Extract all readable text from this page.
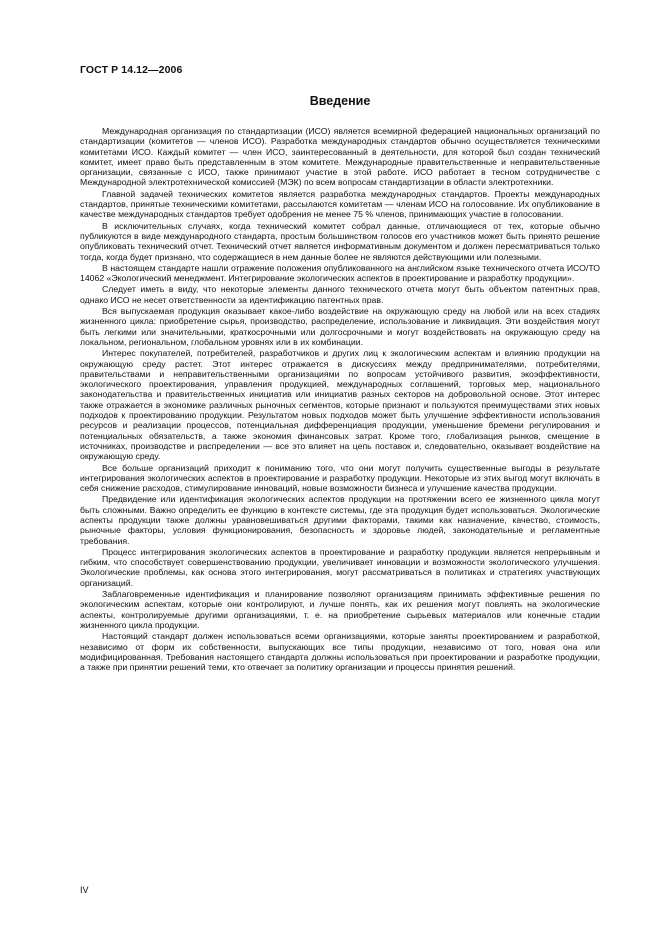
ГОСТ Р 14.12—2006
Введение

Международная организация по стандартизации (ИСО) является всемирной федерацией национальных организаций по стандартизации (комитетов — членов ИСО). Разработка международных стандартов обычно осуществляется техническими комитетами ИСО. Каждый комитет — член ИСО, заинтересованный в деятельности, для которой был создан технический комитет, имеет право быть представленным в этом комитете. Международные правительственные и неправительственные организации, связанные с ИСО, также принимают участие в этой работе. ИСО работает в тесном сотрудничестве с Международной электротехнической комиссией (МЭК) по всем вопросам стандартизации в области электротехники.

Главной задачей технических комитетов является разработка международных стандартов. Проекты международных стандартов, принятые техническими комитетами, рассылаются комитетам — членам ИСО на голосование. Их опубликование в качестве международных стандартов требует одобрения не менее 75 % членов, принимающих участие в голосовании.

В исключительных случаях, когда технический комитет собрал данные, отличающиеся от тех, которые обычно публикуются в виде международного стандарта, простым большинством голосов его участников может быть принято решение опубликовать технический отчет. Технический отчет является информативным документом и должен пересматриваться только тогда, когда будет признано, что содержащиеся в нем данные более не являются действующими или полезными.

В настоящем стандарте нашли отражение положения опубликованного на английском языке технического отчета ИСО/ТО 14062 «Экологический менеджмент. Интегрирование экологических аспектов в проектирование и разработку продукции».

Следует иметь в виду, что некоторые элементы данного технического отчета могут быть объектом патентных прав, однако ИСО не несет ответственности за идентификацию патентных прав.

Вся выпускаемая продукция оказывает какое-либо воздействие на окружающую среду на любой или на всех стадиях жизненного цикла: приобретение сырья, производство, распределение, использование и ликвидация. Эти воздействия могут быть легкими или значительными, краткосрочными или долгосрочными и могут воздействовать на окружающую среду на локальном, региональном, глобальном уровнях или в их комбинации.

Интерес покупателей, потребителей, разработчиков и других лиц к экологическим аспектам и влиянию продукции на окружающую среду растет. Этот интерес отражается в дискуссиях между предпринимателями, потребителями, правительствами и неправительственными организациями по вопросам устойчивого развития, экоэффективности, экологического проектирования, управления продукцией, международных соглашений, торговых мер, национального законодательства и правительственных инициатив или инициатив разных секторов на добровольной основе. Этот интерес также отражается в экономике различных рыночных сегментов, которые признают и пользуются преимуществами этих новых подходов к проектированию продукции. Результатом новых подходов может быть улучшение эффективности использования ресурсов и реализации процессов, потенциальная дифференциация продукции, уменьшение бремени регулирования и потенциальных обязательств, а также экономия финансовых затрат. Кроме того, глобализация рынков, смещение в источниках, производстве и распределении — все это влияет на цепь поставок и, следовательно, оказывает воздействие на окружающую среду.

Все больше организаций приходит к пониманию того, что они могут получить существенные выгоды в результате интегрирования экологических аспектов в проектирование и разработку продукции. Некоторые из этих выгод могут включать в себя снижение расходов, стимулирование инноваций, новые возможности бизнеса и улучшение качества продукции.

Предвидение или идентификация экологических аспектов продукции на протяжении всего ее жизненного цикла могут быть сложными. Важно определить ее функцию в контексте системы, где эта продукция будет использоваться. Экологические аспекты продукции также должны уравновешиваться другими факторами, такими как назначение, качество, стоимость, рыночные факторы, условия функционирования, безопасность и здоровье людей, законодательные и регламентные требования.

Процесс интегрирования экологических аспектов в проектирование и разработку продукции является непрерывным и гибким, что способствует совершенствованию продукции, увеличивает инновации и возможности экологического улучшения. Экологические проблемы, как основа этого интегрирования, могут рассматриваться в политиках и стратегиях участвующих организаций.

Заблаговременные идентификация и планирование позволяют организациям принимать эффективные решения по экологическим аспектам, которые они контролируют, и лучше понять, как их решения могут повлиять на экологические аспекты, контролируемые другими организациями, т. е. на приобретение сырьевых материалов или конечные стадии жизненного цикла продукции.

Настоящий стандарт должен использоваться всеми организациями, которые заняты проектированием и разработкой, независимо от форм их собственности, выпускающих все типы продукции, независимо от того, новая она или модифицированная. Требования настоящего стандарта должны использоваться при проектировании и разработке продукции, а также при принятии решений теми, кто отвечает за политику организации и процессы принятия решений.

IV
